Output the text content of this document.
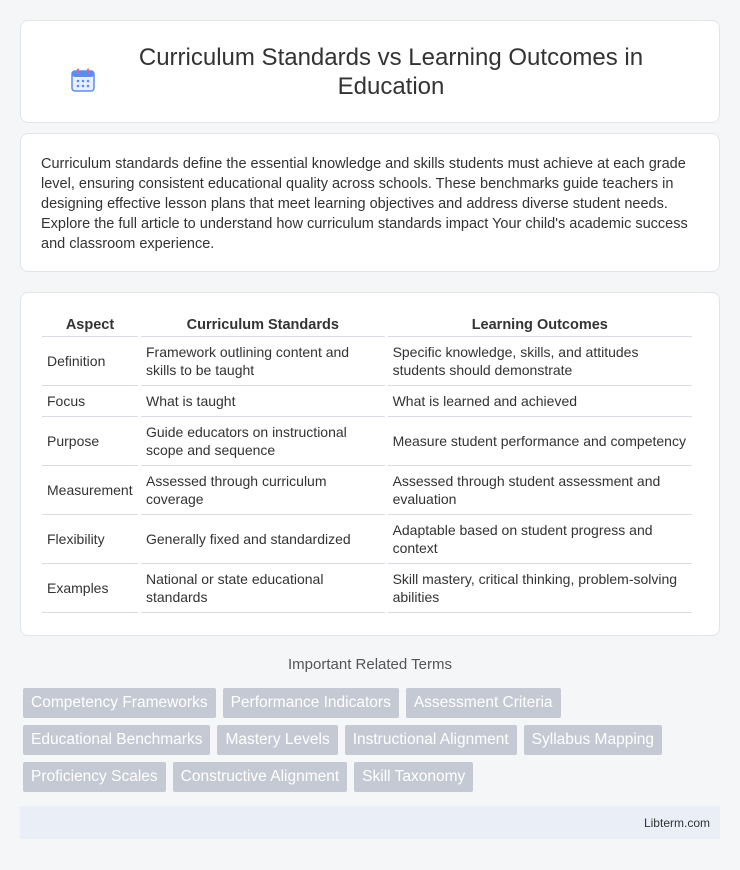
Curriculum Standards vs Learning Outcomes in Education

Curriculum standards define the essential knowledge and skills students must achieve at each grade level, ensuring consistent educational quality across schools. These benchmarks guide teachers in designing effective lesson plans that meet learning objectives and address diverse student needs. Explore the full article to understand how curriculum standards impact Your child's academic success and classroom experience.

Aspect	Curriculum Standards	Learning Outcomes
Definition	Framework outlining content and skills to be taught	Specific knowledge, skills, and attitudes students should demonstrate
Focus	What is taught	What is learned and achieved
Purpose	Guide educators on instructional scope and sequence	Measure student performance and competency
Measurement	Assessed through curriculum coverage	Assessed through student assessment and evaluation
Flexibility	Generally fixed and standardized	Adaptable based on student progress and context
Examples	National or state educational standards	Skill mastery, critical thinking, problem-solving abilities
Important Related Terms
Competency Frameworks	Performance Indicators	Assessment Criteria
Educational Benchmarks	Mastery Levels	Instructional Alignment	Syllabus Mapping
Proficiency Scales	Constructive Alignment	Skill Taxonomy
Libterm.com
